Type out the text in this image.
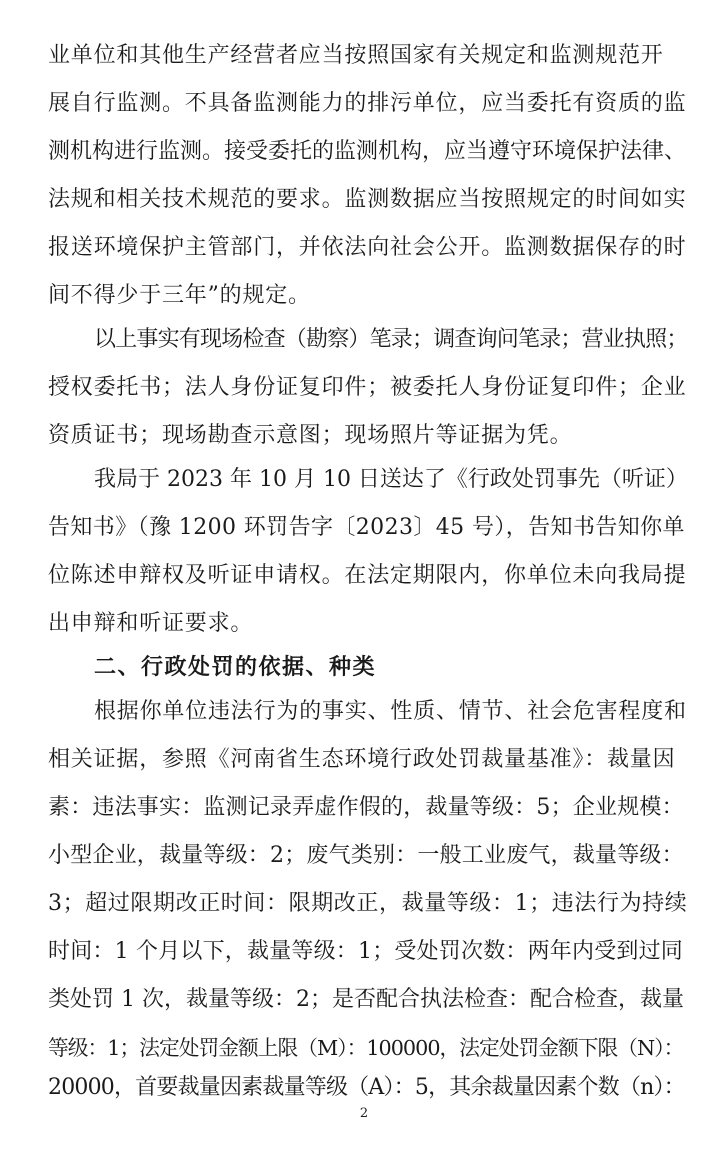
业单位和其他生产经营者应当按照国家有关规定和监测规范开
展自行监测。不具备监测能力的排污单位，应当委托有资质的监
测机构进行监测。接受委托的监测机构，应当遵守环境保护法律、
法规和相关技术规范的要求。监测数据应当按照规定的时间如实
报送环境保护主管部门，并依法向社会公开。监测数据保存的时
间不得少于三年”的规定。
以上事实有现场检查（勘察）笔录；调查询问笔录；营业执照；
授权委托书；法人身份证复印件；被委托人身份证复印件；企业
资质证书；现场勘查示意图；现场照片等证据为凭。
我局于 2023 年 10 月 10 日送达了《行政处罚事先（听证）
告知书》（豫 1200 环罚告字〔2023〕45 号），告知书告知你单
位陈述申辩权及听证申请权。在法定期限内，你单位未向我局提
出申辩和听证要求。
二、行政处罚的依据、种类
根据你单位违法行为的事实、性质、情节、社会危害程度和
相关证据，参照《河南省生态环境行政处罚裁量基准》：裁量因
素：违法事实：监测记录弄虚作假的，裁量等级：5；企业规模：
小型企业，裁量等级：2；废气类别：一般工业废气，裁量等级：
3；超过限期改正时间：限期改正，裁量等级：1；违法行为持续
时间：1 个月以下，裁量等级：1；受处罚次数：两年内受到过同
类处罚 1 次，裁量等级：2；是否配合执法检查：配合检查，裁量
等级：1；法定处罚金额上限（M）：100000，法定处罚金额下限（N）：
20000，首要裁量因素裁量等级（A）：5，其余裁量因素个数（n）：
2
